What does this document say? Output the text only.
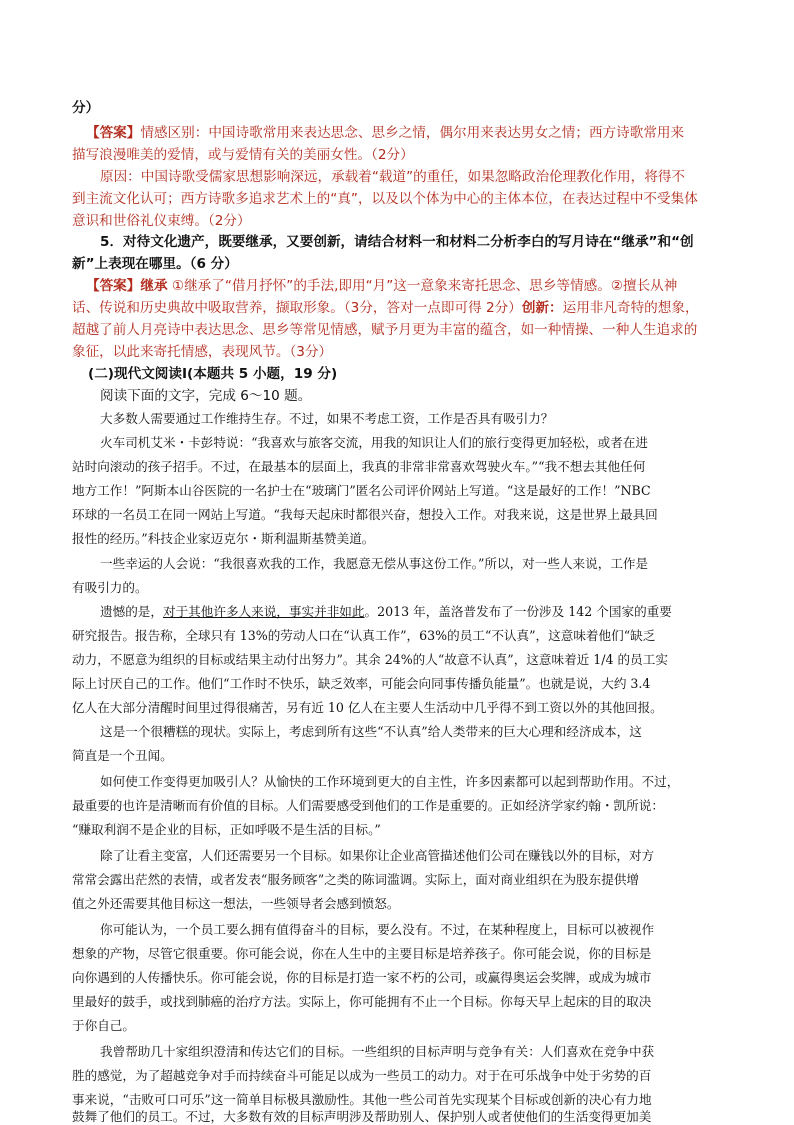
分）
【答案】情感区别：中国诗歌常用来表达思念、思乡之情，偶尔用来表达男女之情；西方诗歌常用来
描写浪漫唯美的爱情，或与爱情有关的美丽女性。（2分）
原因：中国诗歌受儒家思想影响深远，承载着“载道”的重任，如果忽略政治伦理教化作用，将得不
到主流文化认可；西方诗歌多追求艺术上的“真”，以及以个体为中心的主体本位，在表达过程中不受集体
意识和世俗礼仪束缚。（2分）
5．对待文化遗产，既要继承，又要创新，请结合材料一和材料二分析李白的写月诗在“继承”和“创
新”上表现在哪里。（6 分）
【答案】继承 ①继承了“借月抒怀”的手法,即用“月”这一意象来寄托思念、思乡等情感。②擅长从神
话、传说和历史典故中吸取营养，撷取形象。（3分，答对一点即可得 2分）创新：运用非凡奇特的想象，
超越了前人月亮诗中表达思念、思乡等常见情感，赋予月更为丰富的蕴含，如一种情操、一种人生追求的
象征，以此来寄托情感，表现风节。（3分）
(二)现代文阅读Ⅰ(本题共 5 小题，19 分)
阅读下面的文字，完成 6～10 题。
大多数人需要通过工作维持生存。不过，如果不考虑工资，工作是否具有吸引力？
火车司机艾米・卡彭特说：“我喜欢与旅客交流，用我的知识让人们的旅行变得更加轻松，或者在进
站时向滚动的孩子招手。不过，在最基本的层面上，我真的非常非常喜欢驾驶火车。”“我不想去其他任何
地方工作！”阿斯本山谷医院的一名护士在“玻璃门”匿名公司评价网站上写道。“这是最好的工作！”NBC
环球的一名员工在同一网站上写道。“我每天起床时都很兴奋，想投入工作。对我来说，这是世界上最具回
报性的经历。”科技企业家迈克尔・斯利温斯基赞美道。
一些幸运的人会说：“我很喜欢我的工作，我愿意无偿从事这份工作。”所以，对一些人来说，工作是
有吸引力的。
遗憾的是，对于其他许多人来说，事实并非如此。2013 年，盖洛普发布了一份涉及 142 个国家的重要
研究报告。报告称，全球只有 13%的劳动人口在“认真工作”，63%的员工“不认真”，这意味着他们“缺乏
动力，不愿意为组织的目标或结果主动付出努力”。其余 24%的人“故意不认真”，这意味着近 1/4 的员工实
际上讨厌自己的工作。他们“工作时不快乐，缺乏效率，可能会向同事传播负能量”。也就是说，大约 3.4
亿人在大部分清醒时间里过得很痛苦，另有近 10 亿人在主要人生活动中几乎得不到工资以外的其他回报。
这是一个很糟糕的现状。实际上，考虑到所有这些“不认真”给人类带来的巨大心理和经济成本，这
简直是一个丑闻。
如何使工作变得更加吸引人？从愉快的工作环境到更大的自主性，许多因素都可以起到帮助作用。不过，
最重要的也许是清晰而有价值的目标。人们需要感受到他们的工作是重要的。正如经济学家约翰・凯所说：
“赚取利润不是企业的目标，正如呼吸不是生活的目标。”
除了让看主变富，人们还需要另一个目标。如果你让企业高管描述他们公司在赚钱以外的目标，对方
常常会露出茫然的表情，或者发表“服务顾客”之类的陈词滥调。实际上，面对商业组织在为股东提供增
值之外还需要其他目标这一想法，一些领导者会感到愤怒。
你可能认为，一个员工要么拥有值得奋斗的目标，要么没有。不过，在某种程度上，目标可以被视作
想象的产物，尽管它很重要。你可能会说，你在人生中的主要目标是培养孩子。你可能会说，你的目标是
向你遇到的人传播快乐。你可能会说，你的目标是打造一家不朽的公司，或赢得奥运会奖牌，或成为城市
里最好的鼓手，或找到肺癌的治疗方法。实际上，你可能拥有不止一个目标。你每天早上起床的目的取决
于你自己。
我曾帮助几十家组织澄清和传达它们的目标。一些组织的目标声明与竞争有关：人们喜欢在竞争中获
胜的感觉，为了超越竞争对手而持续奋斗可能足以成为一些员工的动力。对于在可乐战争中处于劣势的百
事来说，“击败可口可乐”这一简单目标极具激励性。其他一些公司首先实现某个目标或创新的决心有力地
鼓舞了他们的员工。不过，大多数有效的目标声明涉及帮助别人、保护别人或者使他们的生活变得更加美
